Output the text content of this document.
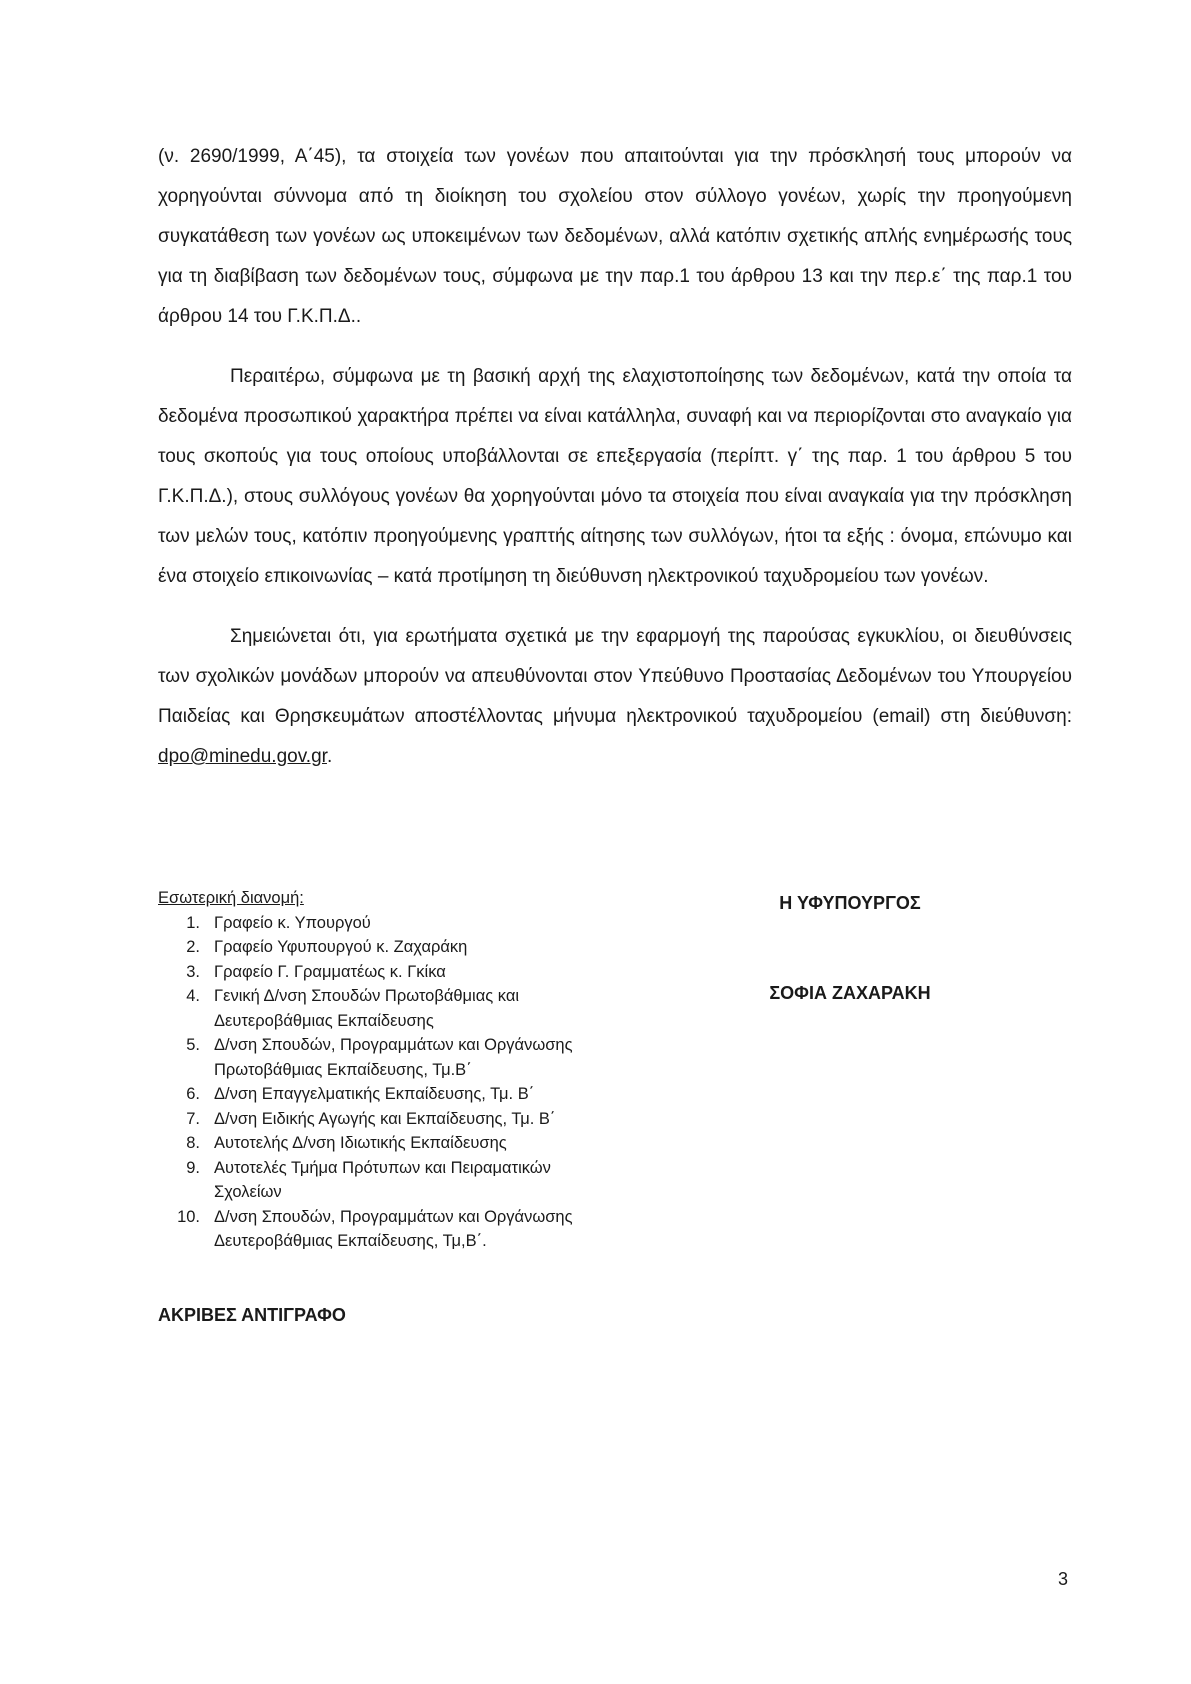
(ν. 2690/1999, Α΄45), τα στοιχεία των γονέων που απαιτούνται για την πρόσκλησή τους μπορούν να χορηγούνται σύννομα από τη διοίκηση του σχολείου στον σύλλογο γονέων, χωρίς την προηγούμενη συγκατάθεση των γονέων ως υποκειμένων των δεδομένων, αλλά κατόπιν σχετικής απλής ενημέρωσής τους για τη διαβίβαση των δεδομένων τους, σύμφωνα με την παρ.1 του άρθρου 13 και την περ.ε΄ της παρ.1 του άρθρου 14 του Γ.Κ.Π.Δ..

Περαιτέρω, σύμφωνα με τη βασική αρχή της ελαχιστοποίησης των δεδομένων, κατά την οποία τα δεδομένα προσωπικού χαρακτήρα πρέπει να είναι κατάλληλα, συναφή και να περιορίζονται στο αναγκαίο για τους σκοπούς για τους οποίους υποβάλλονται σε επεξεργασία (περίπτ. γ΄ της παρ. 1 του άρθρου 5 του Γ.Κ.Π.Δ.), στους συλλόγους γονέων θα χορηγούνται μόνο τα στοιχεία που είναι αναγκαία για την πρόσκληση των μελών τους, κατόπιν προηγούμενης γραπτής αίτησης των συλλόγων, ήτοι τα εξής : όνομα, επώνυμο και ένα στοιχείο επικοινωνίας – κατά προτίμηση τη διεύθυνση ηλεκτρονικού ταχυδρομείου των γονέων.

Σημειώνεται ότι, για ερωτήματα σχετικά με την εφαρμογή της παρούσας εγκυκλίου, οι διευθύνσεις των σχολικών μονάδων μπορούν να απευθύνονται στον Υπεύθυνο Προστασίας Δεδομένων του Υπουργείου Παιδείας και Θρησκευμάτων αποστέλλοντας μήνυμα ηλεκτρονικού ταχυδρομείου (email) στη διεύθυνση: dpo@minedu.gov.gr.

Εσωτερική διανομή:

1. Γραφείο κ. Υπουργού
2. Γραφείο Υφυπουργού κ. Ζαχαράκη
3. Γραφείο Γ. Γραμματέως κ. Γκίκα
4. Γενική Δ/νση Σπουδών Πρωτοβάθμιας και Δευτεροβάθμιας Εκπαίδευσης
5. Δ/νση Σπουδών, Προγραμμάτων και Οργάνωσης Πρωτοβάθμιας Εκπαίδευσης, Τμ.Β΄
6. Δ/νση Επαγγελματικής Εκπαίδευσης, Τμ. Β΄
7. Δ/νση Ειδικής Αγωγής και Εκπαίδευσης, Τμ. Β΄
8. Αυτοτελής Δ/νση Ιδιωτικής Εκπαίδευσης
9. Αυτοτελές Τμήμα Πρότυπων και Πειραματικών Σχολείων
10. Δ/νση Σπουδών, Προγραμμάτων και Οργάνωσης Δευτεροβάθμιας Εκπαίδευσης, Τμ,Β΄.
Η ΥΦΥΠΟΥΡΓΟΣ
ΣΟΦΙΑ ΖΑΧΑΡΑΚΗ
ΑΚΡΙΒΕΣ ΑΝΤΙΓΡΑΦΟ
3
